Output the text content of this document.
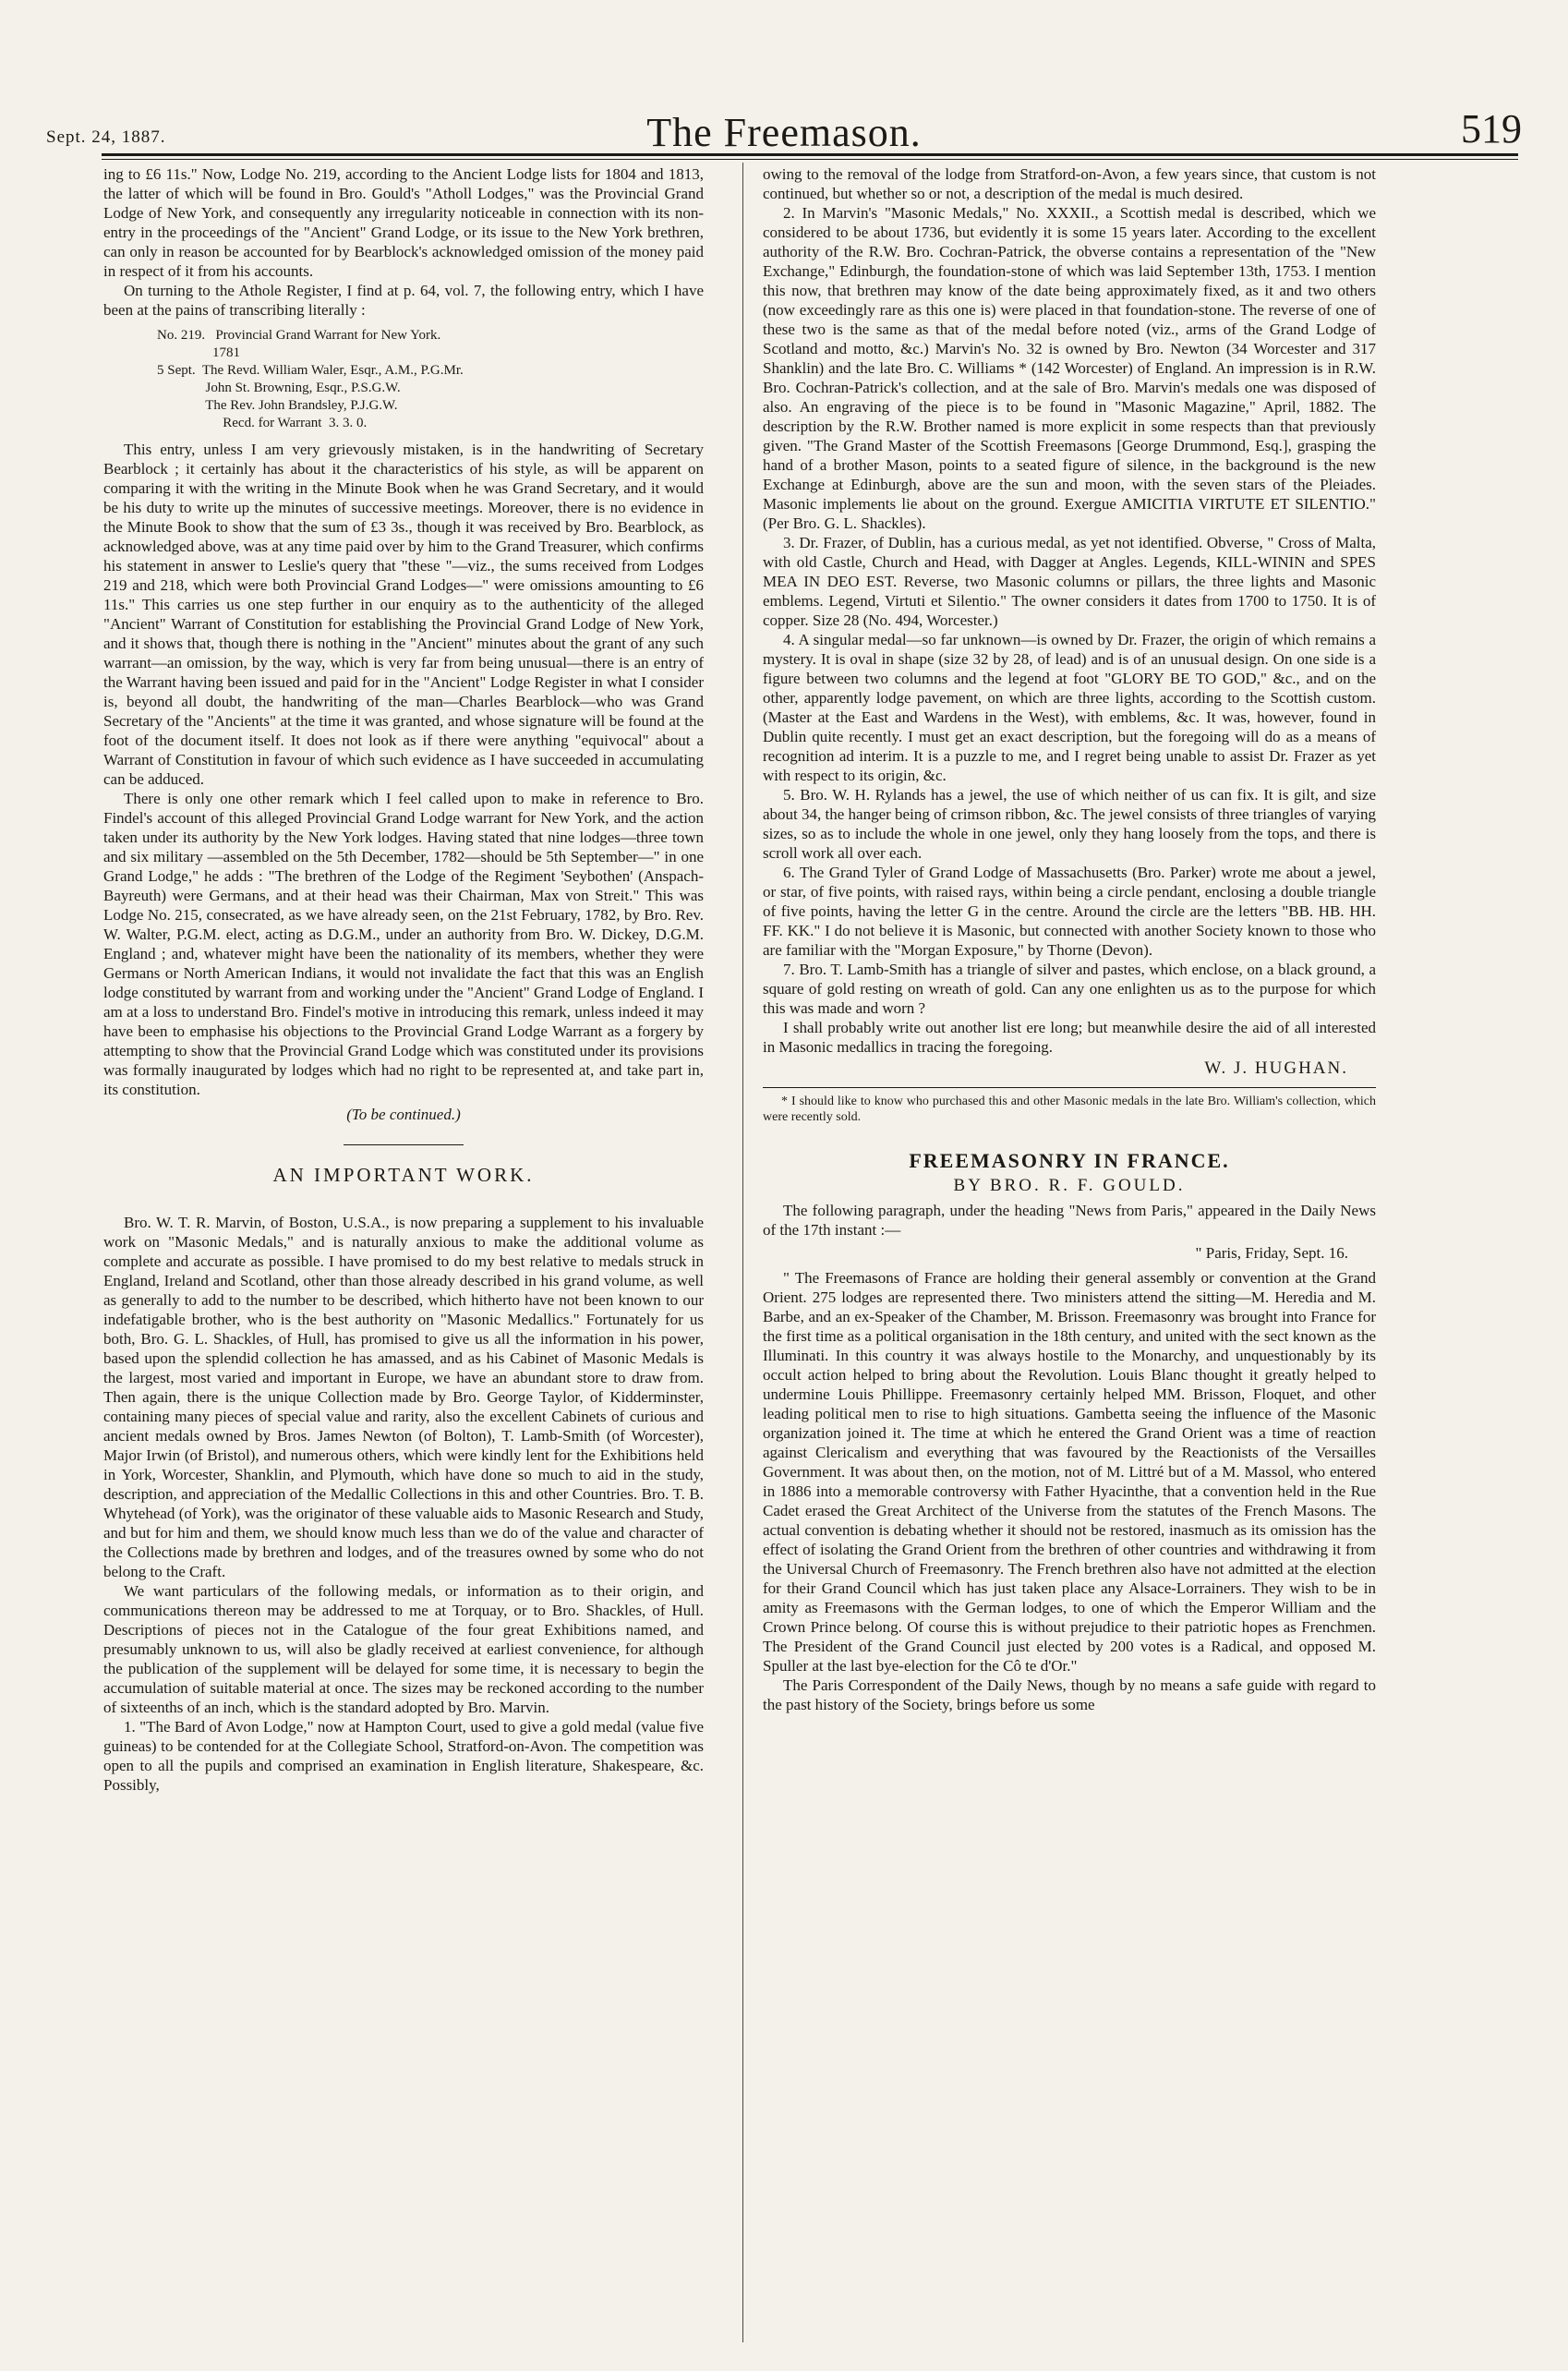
Sept. 24, 1887.	The Freemason.	519

ing to £6 11s." Now, Lodge No. 219, according to the Ancient Lodge lists for 1804 and 1813, the latter of which will be found in Bro. Gould's "Atholl Lodges," was the Provincial Grand Lodge of New York, and consequently any irregularity noticeable in connection with its non-entry in the proceedings of the "Ancient" Grand Lodge, or its issue to the New York brethren, can only in reason be accounted for by Bearblock's acknowledged omission of the money paid in respect of it from his accounts.

On turning to the Athole Register, I find at p. 64, vol. 7, the following entry, which I have been at the pains of transcribing literally :

No. 219.   Provincial Grand Warrant for New York.
1781
5 Sept.  The Revd. William Waler, Esqr., A.M., P.G.Mr.
John St. Browning, Esqr., P.S.G.W.
The Rev. John Brandsley, P.J.G.W.
Recd. for Warrant  3. 3. 0.

This entry, unless I am very grievously mistaken, is in the handwriting of Secretary Bearblock ; it certainly has about it the characteristics of his style, as will be apparent on comparing it with the writing in the Minute Book when he was Grand Secretary, and it would be his duty to write up the minutes of successive meetings. Moreover, there is no evidence in the Minute Book to show that the sum of £3 3s., though it was received by Bro. Bearblock, as acknowledged above, was at any time paid over by him to the Grand Treasurer, which confirms his statement in answer to Leslie's query that "these "—viz., the sums received from Lodges 219 and 218, which were both Provincial Grand Lodges—" were omissions amounting to £6 11s." This carries us one step further in our enquiry as to the authenticity of the alleged "Ancient" Warrant of Constitution for establishing the Provincial Grand Lodge of New York, and it shows that, though there is nothing in the "Ancient" minutes about the grant of any such warrant—an omission, by the way, which is very far from being unusual—there is an entry of the Warrant having been issued and paid for in the "Ancient" Lodge Register in what I consider is, beyond all doubt, the handwriting of the man—Charles Bearblock—who was Grand Secretary of the "Ancients" at the time it was granted, and whose signature will be found at the foot of the document itself. It does not look as if there were anything "equivocal" about a Warrant of Constitution in favour of which such evidence as I have succeeded in accumulating can be adduced.

There is only one other remark which I feel called upon to make in reference to Bro. Findel's account of this alleged Provincial Grand Lodge warrant for New York, and the action taken under its authority by the New York lodges. Having stated that nine lodges—three town and six military —assembled on the 5th December, 1782—should be 5th September—" in one Grand Lodge," he adds : "The brethren of the Lodge of the Regiment 'Seybothen' (Anspach-Bayreuth) were Germans, and at their head was their Chairman, Max von Streit." This was Lodge No. 215, consecrated, as we have already seen, on the 21st February, 1782, by Bro. Rev. W. Walter, P.G.M. elect, acting as D.G.M., under an authority from Bro. W. Dickey, D.G.M. England ; and, whatever might have been the nationality of its members, whether they were Germans or North American Indians, it would not invalidate the fact that this was an English lodge constituted by warrant from and working under the "Ancient" Grand Lodge of England. I am at a loss to understand Bro. Findel's motive in introducing this remark, unless indeed it may have been to emphasise his objections to the Provincial Grand Lodge Warrant as a forgery by attempting to show that the Provincial Grand Lodge which was constituted under its provisions was formally inaugurated by lodges which had no right to be represented at, and take part in, its constitution.

(To be continued.)
AN IMPORTANT WORK.

Bro. W. T. R. Marvin, of Boston, U.S.A., is now preparing a supplement to his invaluable work on "Masonic Medals," and is naturally anxious to make the additional volume as complete and accurate as possible. I have promised to do my best relative to medals struck in England, Ireland and Scotland, other than those already described in his grand volume, as well as generally to add to the number to be described, which hitherto have not been known to our indefatigable brother, who is the best authority on "Masonic Medallics." Fortunately for us both, Bro. G. L. Shackles, of Hull, has promised to give us all the information in his power, based upon the splendid collection he has amassed, and as his Cabinet of Masonic Medals is the largest, most varied and important in Europe, we have an abundant store to draw from. Then again, there is the unique Collection made by Bro. George Taylor, of Kidderminster, containing many pieces of special value and rarity, also the excellent Cabinets of curious and ancient medals owned by Bros. James Newton (of Bolton), T. Lamb-Smith (of Worcester), Major Irwin (of Bristol), and numerous others, which were kindly lent for the Exhibitions held in York, Worcester, Shanklin, and Plymouth, which have done so much to aid in the study, description, and appreciation of the Medallic Collections in this and other Countries. Bro. T. B. Whytehead (of York), was the originator of these valuable aids to Masonic Research and Study, and but for him and them, we should know much less than we do of the value and character of the Collections made by brethren and lodges, and of the treasures owned by some who do not belong to the Craft.

We want particulars of the following medals, or information as to their origin, and communications thereon may be addressed to me at Torquay, or to Bro. Shackles, of Hull. Descriptions of pieces not in the Catalogue of the four great Exhibitions named, and presumably unknown to us, will also be gladly received at earliest convenience, for although the publication of the supplement will be delayed for some time, it is necessary to begin the accumulation of suitable material at once. The sizes may be reckoned according to the number of sixteenths of an inch, which is the standard adopted by Bro. Marvin.

1. "The Bard of Avon Lodge," now at Hampton Court, used to give a gold medal (value five guineas) to be contended for at the Collegiate School, Stratford-on-Avon. The competition was open to all the pupils and comprised an examination in English literature, Shakespeare, &c. Possibly,

owing to the removal of the lodge from Stratford-on-Avon, a few years since, that custom is not continued, but whether so or not, a description of the medal is much desired.

2. In Marvin's "Masonic Medals," No. XXXII., a Scottish medal is described, which we considered to be about 1736, but evidently it is some 15 years later. According to the excellent authority of the R.W. Bro. Cochran-Patrick, the obverse contains a representation of the "New Exchange," Edinburgh, the foundation-stone of which was laid September 13th, 1753. I mention this now, that brethren may know of the date being approximately fixed, as it and two others (now exceedingly rare as this one is) were placed in that foundation-stone. The reverse of one of these two is the same as that of the medal before noted (viz., arms of the Grand Lodge of Scotland and motto, &c.) Marvin's No. 32 is owned by Bro. Newton (34 Worcester and 317 Shanklin) and the late Bro. C. Williams * (142 Worcester) of England. An impression is in R.W. Bro. Cochran-Patrick's collection, and at the sale of Bro. Marvin's medals one was disposed of also. An engraving of the piece is to be found in "Masonic Magazine," April, 1882. The description by the R.W. Brother named is more explicit in some respects than that previously given. "The Grand Master of the Scottish Freemasons [George Drummond, Esq.], grasping the hand of a brother Mason, points to a seated figure of silence, in the background is the new Exchange at Edinburgh, above are the sun and moon, with the seven stars of the Pleiades. Masonic implements lie about on the ground. Exergue AMICITIA VIRTUTE ET SILENTIO." (Per Bro. G. L. Shackles).

3. Dr. Frazer, of Dublin, has a curious medal, as yet not identified. Obverse, " Cross of Malta, with old Castle, Church and Head, with Dagger at Angles. Legends, KILL-WININ and SPES MEA IN DEO EST. Reverse, two Masonic columns or pillars, the three lights and Masonic emblems. Legend, Virtuti et Silentio." The owner considers it dates from 1700 to 1750. It is of copper. Size 28 (No. 494, Worcester.)

4. A singular medal—so far unknown—is owned by Dr. Frazer, the origin of which remains a mystery. It is oval in shape (size 32 by 28, of lead) and is of an unusual design. On one side is a figure between two columns and the legend at foot "GLORY BE TO GOD," &c., and on the other, apparently lodge pavement, on which are three lights, according to the Scottish custom. (Master at the East and Wardens in the West), with emblems, &c. It was, however, found in Dublin quite recently. I must get an exact description, but the foregoing will do as a means of recognition ad interim. It is a puzzle to me, and I regret being unable to assist Dr. Frazer as yet with respect to its origin, &c.

5. Bro. W. H. Rylands has a jewel, the use of which neither of us can fix. It is gilt, and size about 34, the hanger being of crimson ribbon, &c. The jewel consists of three triangles of varying sizes, so as to include the whole in one jewel, only they hang loosely from the tops, and there is scroll work all over each.

6. The Grand Tyler of Grand Lodge of Massachusetts (Bro. Parker) wrote me about a jewel, or star, of five points, with raised rays, within being a circle pendant, enclosing a double triangle of five points, having the letter G in the centre. Around the circle are the letters "BB. HB. HH. FF. KK." I do not believe it is Masonic, but connected with another Society known to those who are familiar with the "Morgan Exposure," by Thorne (Devon).

7. Bro. T. Lamb-Smith has a triangle of silver and pastes, which enclose, on a black ground, a square of gold resting on wreath of gold. Can any one enlighten us as to the purpose for which this was made and worn ?

I shall probably write out another list ere long; but meanwhile desire the aid of all interested in Masonic medallics in tracing the foregoing.

W. J. HUGHAN.

* I should like to know who purchased this and other Masonic medals in the late Bro. William's collection, which were recently sold.

FREEMASONRY IN FRANCE.
BY BRO. R. F. GOULD.

The following paragraph, under the heading "News from Paris," appeared in the Daily News of the 17th instant :—

" Paris, Friday, Sept. 16.

" The Freemasons of France are holding their general assembly or convention at the Grand Orient. 275 lodges are represented there. Two ministers attend the sitting—M. Heredia and M. Barbe, and an ex-Speaker of the Chamber, M. Brisson. Freemasonry was brought into France for the first time as a political organisation in the 18th century, and united with the sect known as the Illuminati. In this country it was always hostile to the Monarchy, and unquestionably by its occult action helped to bring about the Revolution. Louis Blanc thought it greatly helped to undermine Louis Phillippe. Freemasonry certainly helped MM. Brisson, Floquet, and other leading political men to rise to high situations. Gambetta seeing the influence of the Masonic organization joined it. The time at which he entered the Grand Orient was a time of reaction against Clericalism and everything that was favoured by the Reactionists of the Versailles Government. It was about then, on the motion, not of M. Littré but of a M. Massol, who entered in 1886 into a memorable controversy with Father Hyacinthe, that a convention held in the Rue Cadet erased the Great Architect of the Universe from the statutes of the French Masons. The actual convention is debating whether it should not be restored, inasmuch as its omission has the effect of isolating the Grand Orient from the brethren of other countries and withdrawing it from the Universal Church of Freemasonry. The French brethren also have not admitted at the election for their Grand Council which has just taken place any Alsace-Lorrainers. They wish to be in amity as Freemasons with the German lodges, to one of which the Emperor William and the Crown Prince belong. Of course this is without prejudice to their patriotic hopes as Frenchmen. The President of the Grand Council just elected by 200 votes is a Radical, and opposed M. Spuller at the last bye-election for the Cô te d'Or."

The Paris Correspondent of the Daily News, though by no means a safe guide with regard to the past history of the Society, brings before us some
